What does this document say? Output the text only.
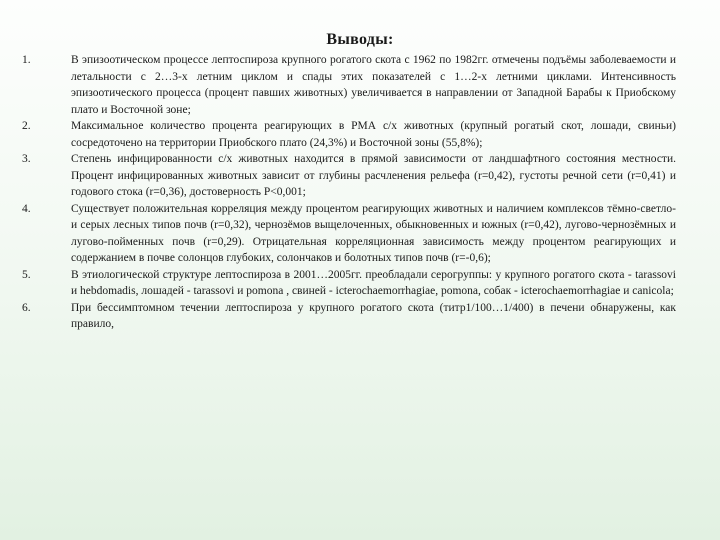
Выводы:
1.	В эпизоотическом процессе лептоспироза крупного рогатого скота с 1962 по 1982гг. отмечены подъёмы заболеваемости и летальности с 2…3-х летним циклом и спады этих показателей с 1…2-х летними циклами. Интенсивность эпизоотического процесса (процент павших животных) увеличивается в направлении от Западной Барабы к Приобскому плато и Восточной зоне;
2.	Максимальное количество процента реагирующих в РМА с/х животных (крупный рогатый скот, лошади, свиньи) сосредоточено на территории Приобского плато (24,3%) и Восточной зоны (55,8%);
3.	Степень инфицированности с/х животных находится в прямой зависимости от ландшафтного состояния местности. Процент инфицированных животных зависит от глубины расчленения рельефа (r=0,42), густоты речной сети (r=0,41) и годового стока (r=0,36), достоверность P<0,001;
4.	Существует положительная корреляция между процентом реагирующих животных и наличием комплексов тёмно-светло- и серых лесных типов почв (r=0,32), чернозёмов выщелоченных, обыкновенных и южных (r=0,42), лугово-чернозёмных и лугово-пойменных почв (r=0,29). Отрицательная корреляционная зависимость между процентом реагирующих и содержанием в почве солонцов глубоких, солончаков и болотных типов почв (r=-0,6);
5.	В этиологической структуре лептоспироза в 2001…2005гг. преобладали серогруппы: у крупного рогатого скота - tarassovi и hebdomadis, лошадей - tarassovi и pomona , свиней - icterochaemorrhagiae, pomona, собак - icterochaemorrhagiae и canicola;
6.	При бессимптомном течении лептоспироза у крупного рогатого скота (титр1/100…1/400) в печени обнаружены, как правило,
